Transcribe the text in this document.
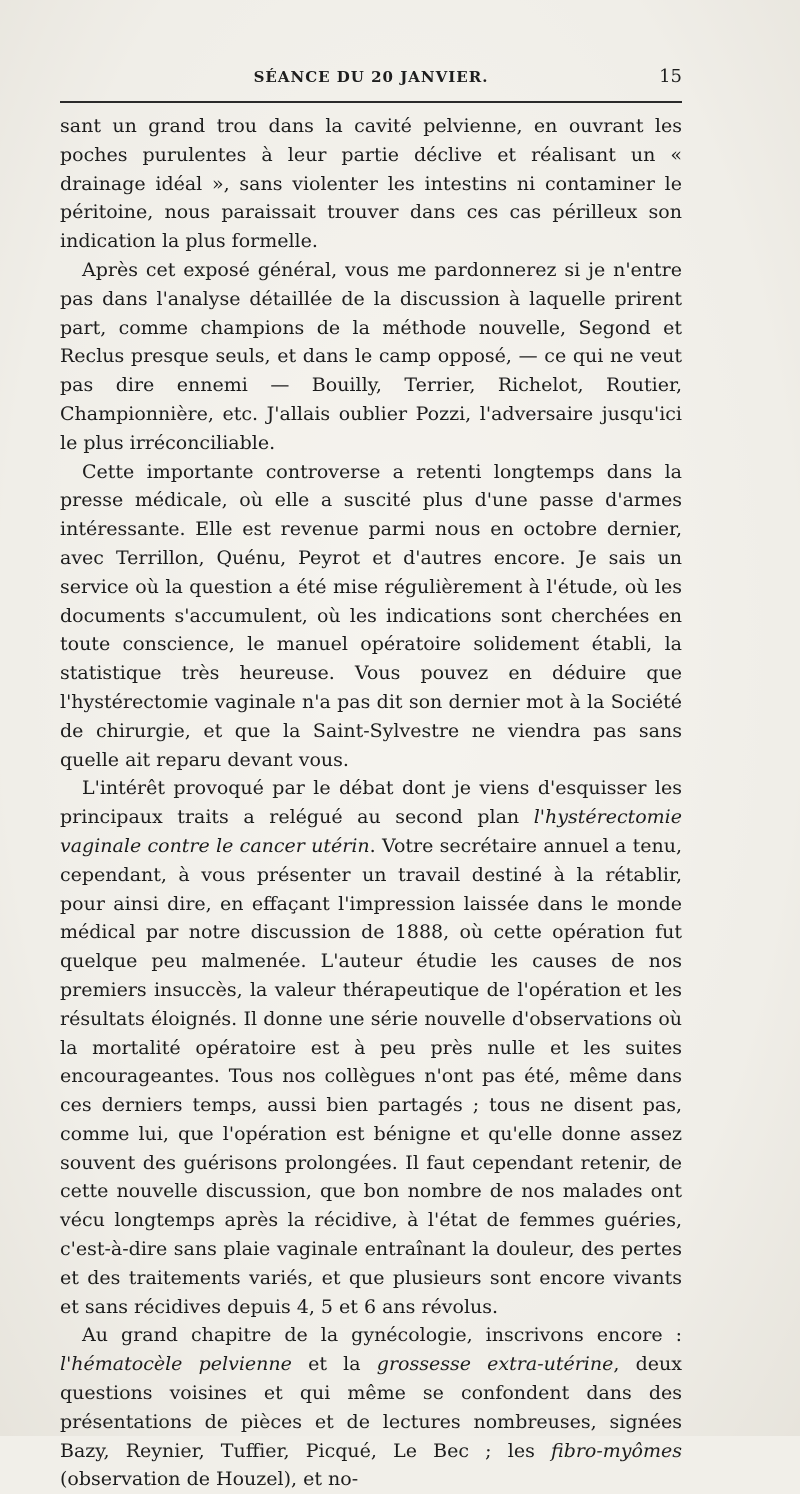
SÉANCE DU 20 JANVIER.	15

sant un grand trou dans la cavité pelvienne, en ouvrant les poches purulentes à leur partie déclive et réalisant un « drainage idéal », sans violenter les intestins ni contaminer le péritoine, nous paraissait trouver dans ces cas périlleux son indication la plus formelle.

Après cet exposé général, vous me pardonnerez si je n'entre pas dans l'analyse détaillée de la discussion à laquelle prirent part, comme champions de la méthode nouvelle, Segond et Reclus presque seuls, et dans le camp opposé, — ce qui ne veut pas dire ennemi — Bouilly, Terrier, Richelot, Routier, Championnière, etc. J'allais oublier Pozzi, l'adversaire jusqu'ici le plus irréconciliable.

Cette importante controverse a retenti longtemps dans la presse médicale, où elle a suscité plus d'une passe d'armes intéressante. Elle est revenue parmi nous en octobre dernier, avec Terrillon, Quénu, Peyrot et d'autres encore. Je sais un service où la question a été mise régulièrement à l'étude, où les documents s'accumulent, où les indications sont cherchées en toute conscience, le manuel opératoire solidement établi, la statistique très heureuse. Vous pouvez en déduire que l'hystérectomie vaginale n'a pas dit son dernier mot à la Société de chirurgie, et que la Saint-Sylvestre ne viendra pas sans quelle ait reparu devant vous.

L'intérêt provoqué par le débat dont je viens d'esquisser les principaux traits a relégué au second plan l'hystérectomie vaginale contre le cancer utérin. Votre secrétaire annuel a tenu, cependant, à vous présenter un travail destiné à la rétablir, pour ainsi dire, en effaçant l'impression laissée dans le monde médical par notre discussion de 1888, où cette opération fut quelque peu malmenée. L'auteur étudie les causes de nos premiers insuccès, la valeur thérapeutique de l'opération et les résultats éloignés. Il donne une série nouvelle d'observations où la mortalité opératoire est à peu près nulle et les suites encourageantes. Tous nos collègues n'ont pas été, même dans ces derniers temps, aussi bien partagés ; tous ne disent pas, comme lui, que l'opération est bénigne et qu'elle donne assez souvent des guérisons prolongées. Il faut cependant retenir, de cette nouvelle discussion, que bon nombre de nos malades ont vécu longtemps après la récidive, à l'état de femmes guéries, c'est-à-dire sans plaie vaginale entraînant la douleur, des pertes et des traitements variés, et que plusieurs sont encore vivants et sans récidives depuis 4, 5 et 6 ans révolus.

Au grand chapitre de la gynécologie, inscrivons encore : l'hématocèle pelvienne et la grossesse extra-utérine, deux questions voisines et qui même se confondent dans des présentations de pièces et de lectures nombreuses, signées Bazy, Reynier, Tuffier, Picqué, Le Bec ; les fibro-myômes (observation de Houzel), et no-
